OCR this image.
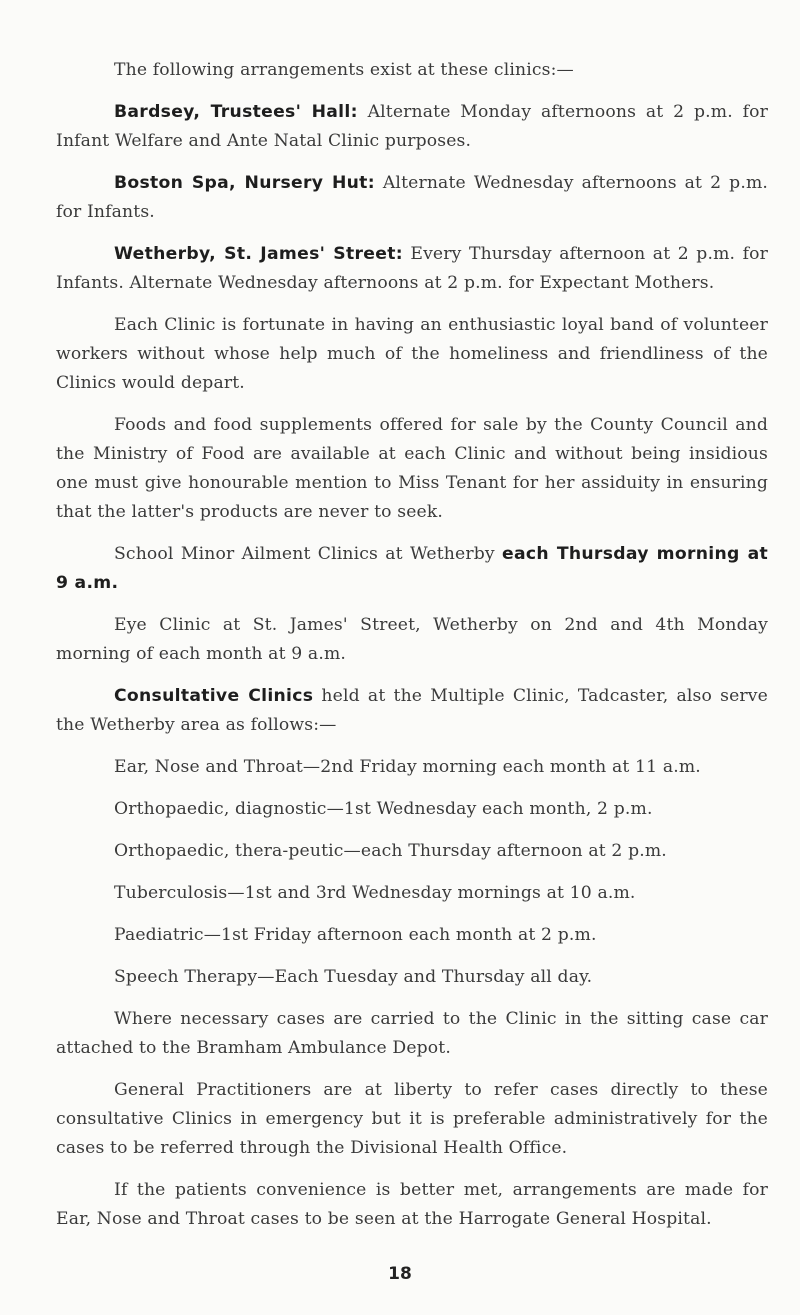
The following arrangements exist at these clinics:—

Bardsey, Trustees' Hall: Alternate Monday afternoons at 2 p.m. for Infant Welfare and Ante Natal Clinic purposes.

Boston Spa, Nursery Hut: Alternate Wednesday afternoons at 2 p.m. for Infants.

Wetherby, St. James' Street: Every Thursday afternoon at 2 p.m. for Infants. Alternate Wednesday afternoons at 2 p.m. for Expectant Mothers.

Each Clinic is fortunate in having an enthusiastic loyal band of volunteer workers without whose help much of the homeliness and friendliness of the Clinics would depart.

Foods and food supplements offered for sale by the County Council and the Ministry of Food are available at each Clinic and without being insidious one must give honourable mention to Miss Tenant for her assiduity in ensuring that the latter's products are never to seek.

School Minor Ailment Clinics at Wetherby each Thursday morning at 9 a.m.

Eye Clinic at St. James' Street, Wetherby on 2nd and 4th Monday morning of each month at 9 a.m.

Consultative Clinics held at the Multiple Clinic, Tadcaster, also serve the Wetherby area as follows:—

Ear, Nose and Throat—2nd Friday morning each month at 11 a.m.

Orthopaedic, diagnostic—1st Wednesday each month, 2 p.m.

Orthopaedic, thera-peutic—each Thursday afternoon at 2 p.m.

Tuberculosis—1st and 3rd Wednesday mornings at 10 a.m.

Paediatric—1st Friday afternoon each month at 2 p.m.

Speech Therapy—Each Tuesday and Thursday all day.

Where necessary cases are carried to the Clinic in the sitting case car attached to the Bramham Ambulance Depot.

General Practitioners are at liberty to refer cases directly to these consultative Clinics in emergency but it is preferable administratively for the cases to be referred through the Divisional Health Office.

If the patients convenience is better met, arrangements are made for Ear, Nose and Throat cases to be seen at the Harrogate General Hospital.

18
